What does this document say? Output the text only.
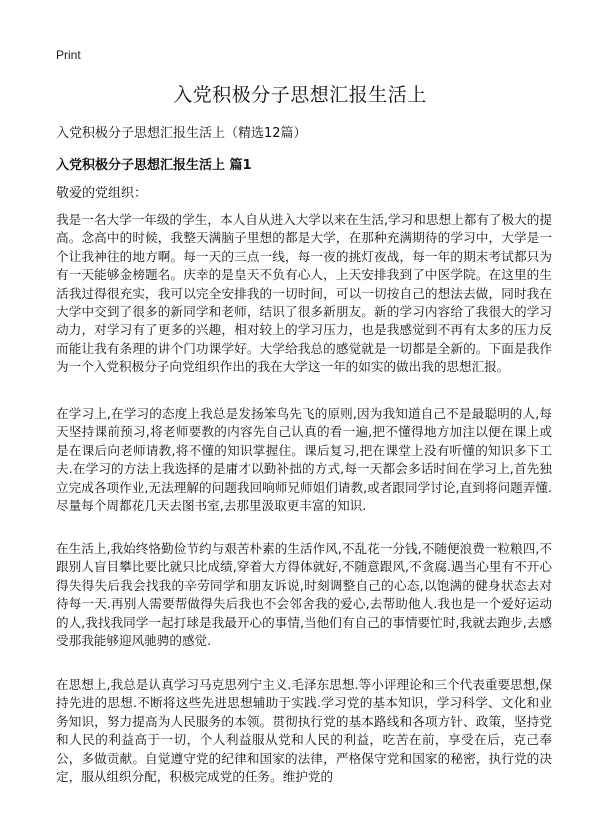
Print
入党积极分子思想汇报生活上

入党积极分子思想汇报生活上（精选12篇）

入党积极分子思想汇报生活上 篇1

敬爱的党组织：

我是一名大学一年级的学生，本人自从进入大学以来在生活,学习和思想上都有了极大的提高。念高中的时候，我整天满脑子里想的都是大学，在那种充满期待的学习中，大学是一个让我神往的地方啊。每一天的三点一线，每一夜的挑灯夜战，每一年的期末考试都只为有一天能够金榜题名。庆幸的是皇天不负有心人，上天安排我到了中医学院。在这里的生活我过得很充实，我可以完全安排我的一切时间，可以一切按自己的想法去做，同时我在大学中交到了很多的新同学和老师，结识了很多新朋友。新的学习内容给了我很大的学习动力，对学习有了更多的兴趣，相对较上的学习压力，也是我感觉到不再有太多的压力反而能让我有条理的讲个门功课学好。大学给我总的感觉就是一切都是全新的。下面是我作为一个入党积极分子向党组织作出的我在大学这一年的如实的做出我的思想汇报。

在学习上,在学习的态度上我总是发扬笨鸟先飞的原则,因为我知道自己不是最聪明的人,每天坚持课前预习,将老师要教的内容先自己认真的看一遍,把不懂得地方加注以便在课上或是在课后向老师请教,将不懂的知识掌握住。课后复习,把在课堂上没有听懂的知识多下工夫.在学习的方法上我选择的是庸才以勤补拙的方式,每一天都会多话时间在学习上,首先独立完成各项作业,无法理解的问题我回响师兄师姐们请教,或者跟同学讨论,直到将问题弄懂.尽量每个周都花几天去图书室,去那里汲取更丰富的知识.

在生活上,我始终恪勤俭节约与艰苦朴素的生活作风,不乱花一分钱,不随便浪费一粒粮四,不跟别人盲目攀比要比就只比成绩,穿着大方得体就好,不随意跟风,不贪腐.遇当心里有不开心得失得失后我会找我的辛劳同学和朋友诉说,时刻调整自己的心态,以饱满的健身状态去对待每一天.再别人需要帮做得失后我也不会邻舍我的爱心,去帮助他人.我也是一个爱好运动的人,我找我同学一起打球是我最开心的事情,当他们有自己的事情要忙时,我就去跑步,去感受那我能够迎风驰骋的感觉.

在思想上,我总是认真学习马克思列宁主义.毛泽东思想.等小评理论和三个代表重要思想,保持先进的思想.不断将这些先进思想辅助于实践.学习党的基本知识，学习科学、文化和业务知识，努力提高为人民服务的本领。贯彻执行党的基本路线和各项方针、政策，坚持党和人民的利益高于一切，个人利益服从党和人民的利益，吃苦在前，享受在后，克己奉公，多做贡献。自觉遵守党的纪律和国家的法律，严格保守党和国家的秘密，执行党的决定，服从组织分配，积极完成党的任务。维护党的
